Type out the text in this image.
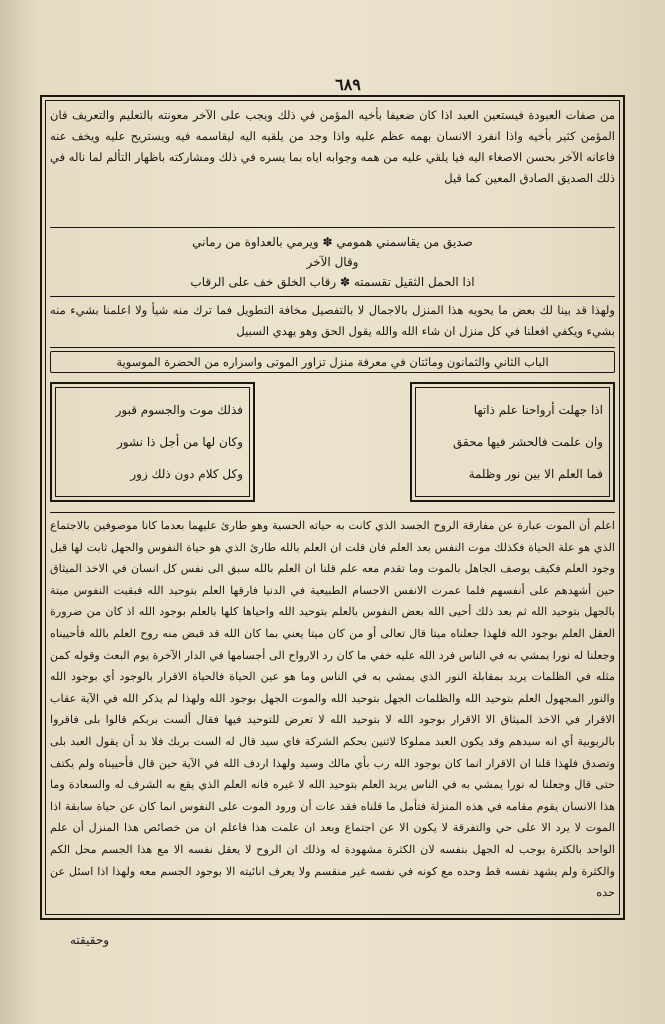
٦٨٩

من صفات العبودة فيستعين العبد اذا كان ضعيفا بأخيه المؤمن في ذلك ويجب على الآخر معونته بالتعليم والتعريف فان المؤمن كثير بأخيه واذا انفرد الانسان بهمه عظم عليه واذا وجد من يلقيه اليه ليقاسمه فيه ويستريح عليه ويخف عنه فاعانه الآخر بحسن الاصغاء اليه فيا يلقي عليه من همه وجوابه اياه بما يسره في ذلك ومشاركته باظهار التألم لما ناله في ذلك الصديق الصادق المعين كما قيل

صديق من يقاسمني همومي ✽ ويرمي بالعداوة من رماني

وقال الآخر

اذا الحمل الثقيل تقسمته ✽ رقاب الخلق خف على الرقاب

ولهذا قد بينا لك بعض ما يحويه هذا المنزل بالاجمال لا بالتفصيل مخافة التطويل فما ترك منه شيأ ولا اعلمنا بشيء منه بشيء ويكفي افعلنا في كل منزل ان شاء الله والله يقول الحق وهو يهدي السبيل

الباب الثاني والثمانون ومائتان في معرفة منزل تزاور الموتى واسراره من الحضرة الموسوية
اذا جهلت أرواحنا علم ذاتها
وان علمت فالحشر فيها محقق
فما العلم الا بين نور وظلمة
فذلك موت والجسوم قبور
وكان لها من أجل ذا نشور
وكل كلام دون ذلك زور

اعلم أن الموت عبارة عن مفارقة الروح الجسد الذي كانت به حياته الحسية وهو طارئ عليهما بعدما كانا موصوفين بالاجتماع الذي هو علة الحياة فكذلك موت النفس بعد العلم فان قلت ان العلم بالله طارئ الذي هو حياة النفوس والجهل ثابت لها قبل وجود العلم فكيف يوصف الجاهل بالموت وما تقدم معه علم قلنا ان العلم بالله سبق الى نفس كل انسان في الاخذ الميثاق حين أشهدهم على أنفسهم فلما عمرت الانفس الاجسام الطبيعية في الدنيا فارقها العلم بتوحيد الله فبقيت النفوس ميتة بالجهل بتوحيد الله ثم بعد ذلك أحيى الله بعض النفوس بالعلم بتوحيد الله واحياها كلها بالعلم بوجود الله اذ كان من ضرورة العقل العلم بوجود الله فلهذا جعلناه ميتا قال تعالى أو من كان ميتا يعني بما كان الله قد قبض منه روح العلم بالله فأحييناه وجعلنا له نورا يمشي به في الناس فرد الله عليه خفي ما كان رد الارواح الى أجسامها في الدار الآخرة يوم البعث وقوله كمن مثله في الظلمات يريد بمقابلة النور الذي يمشي به في الناس وما هو عين الحياة فالحياة الاقرار بالوجود أي بوجود الله والنور المجهول العلم بتوحيد الله والظلمات الجهل بتوحيد الله والموت الجهل بوجود الله ولهذا لم يذكر الله في الآية عقاب الاقرار في الاخذ الميثاق الا الاقرار بوجود الله لا بتوحيد الله لا تعرض للتوحيد فيها فقال ألست بربكم قالوا بلى فاقروا بالربوبية أي انه سيدهم وقد يكون العبد مملوكا لاثنين بحكم الشركة فاي سيد قال له الست بربك فلا بد أن يقول العبد بلى وتصدق فلهذا قلنا ان الاقرار انما كان بوجود الله رب بأي مالك وسيد ولهذا اردف الله في الآية حين قال فأحييناه ولم يكتف حتى قال وجعلنا له نورا يمشي به في الناس يريد العلم بتوحيد الله لا غيره فانه العلم الذي يقع به الشرف له والسعادة وما هذا الانسان يقوم مقامه في هذه المنزلة فتأمل ما قلناه فقد عات أن ورود الموت على النفوس انما كان عن حياة سابقة اذا الموت لا يرد الا على حي والتفرقة لا يكون الا عن اجتماع وبعد ان علمت هذا فاعلم ان من خصائص هذا المنزل أن علم الواحد بالكثرة يوجب له الجهل بنفسه لان الكثرة مشهودة له وذلك ان الروح لا يعقل نفسه الا مع هذا الجسم محل الكم والكثرة ولم يشهد نفسه قط وحده مع كونه في نفسه غير منقسم ولا يعرف انائيته الا بوجود الجسم معه ولهذا اذا اسئل عن حده

وحقيقته
